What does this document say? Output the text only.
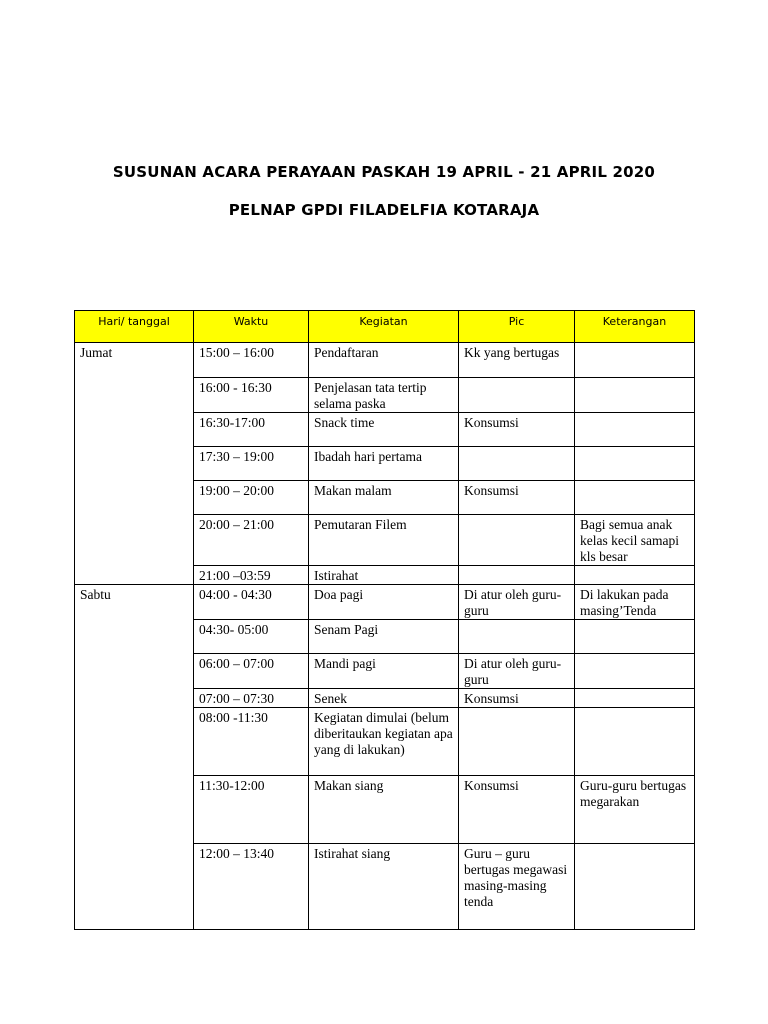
SUSUNAN ACARA PERAYAAN PASKAH 19 APRIL - 21 APRIL 2020
PELNAP GPDI FILADELFIA KOTARAJA
Hari/ tanggal	Waktu	Kegiatan	Pic	Keterangan
Jumat	15:00 – 16:00	Pendaftaran	Kk yang bertugas	
	16:00 - 16:30	Penjelasan tata tertip selama paska		
	16:30-17:00	Snack time	Konsumsi	
	17:30 – 19:00	Ibadah hari pertama		
	19:00 – 20:00	Makan malam	Konsumsi	
	20:00 – 21:00	Pemutaran Filem		Bagi semua anak kelas kecil samapi kls besar
	21:00 –03:59	Istirahat		
Sabtu	04:00 - 04:30	Doa pagi	Di atur oleh guru-guru	Di lakukan pada masing’Tenda
	04:30- 05:00	Senam Pagi		
	06:00 – 07:00	Mandi pagi	Di atur oleh guru-guru	
	07:00 – 07:30	Senek	Konsumsi	
	08:00 -11:30	Kegiatan dimulai (belum diberitaukan kegiatan apa yang di lakukan)		
	11:30-12:00	Makan siang	Konsumsi	Guru-guru bertugas megarakan
	12:00 – 13:40	Istirahat siang	Guru – guru bertugas megawasi masing-masing tenda	
